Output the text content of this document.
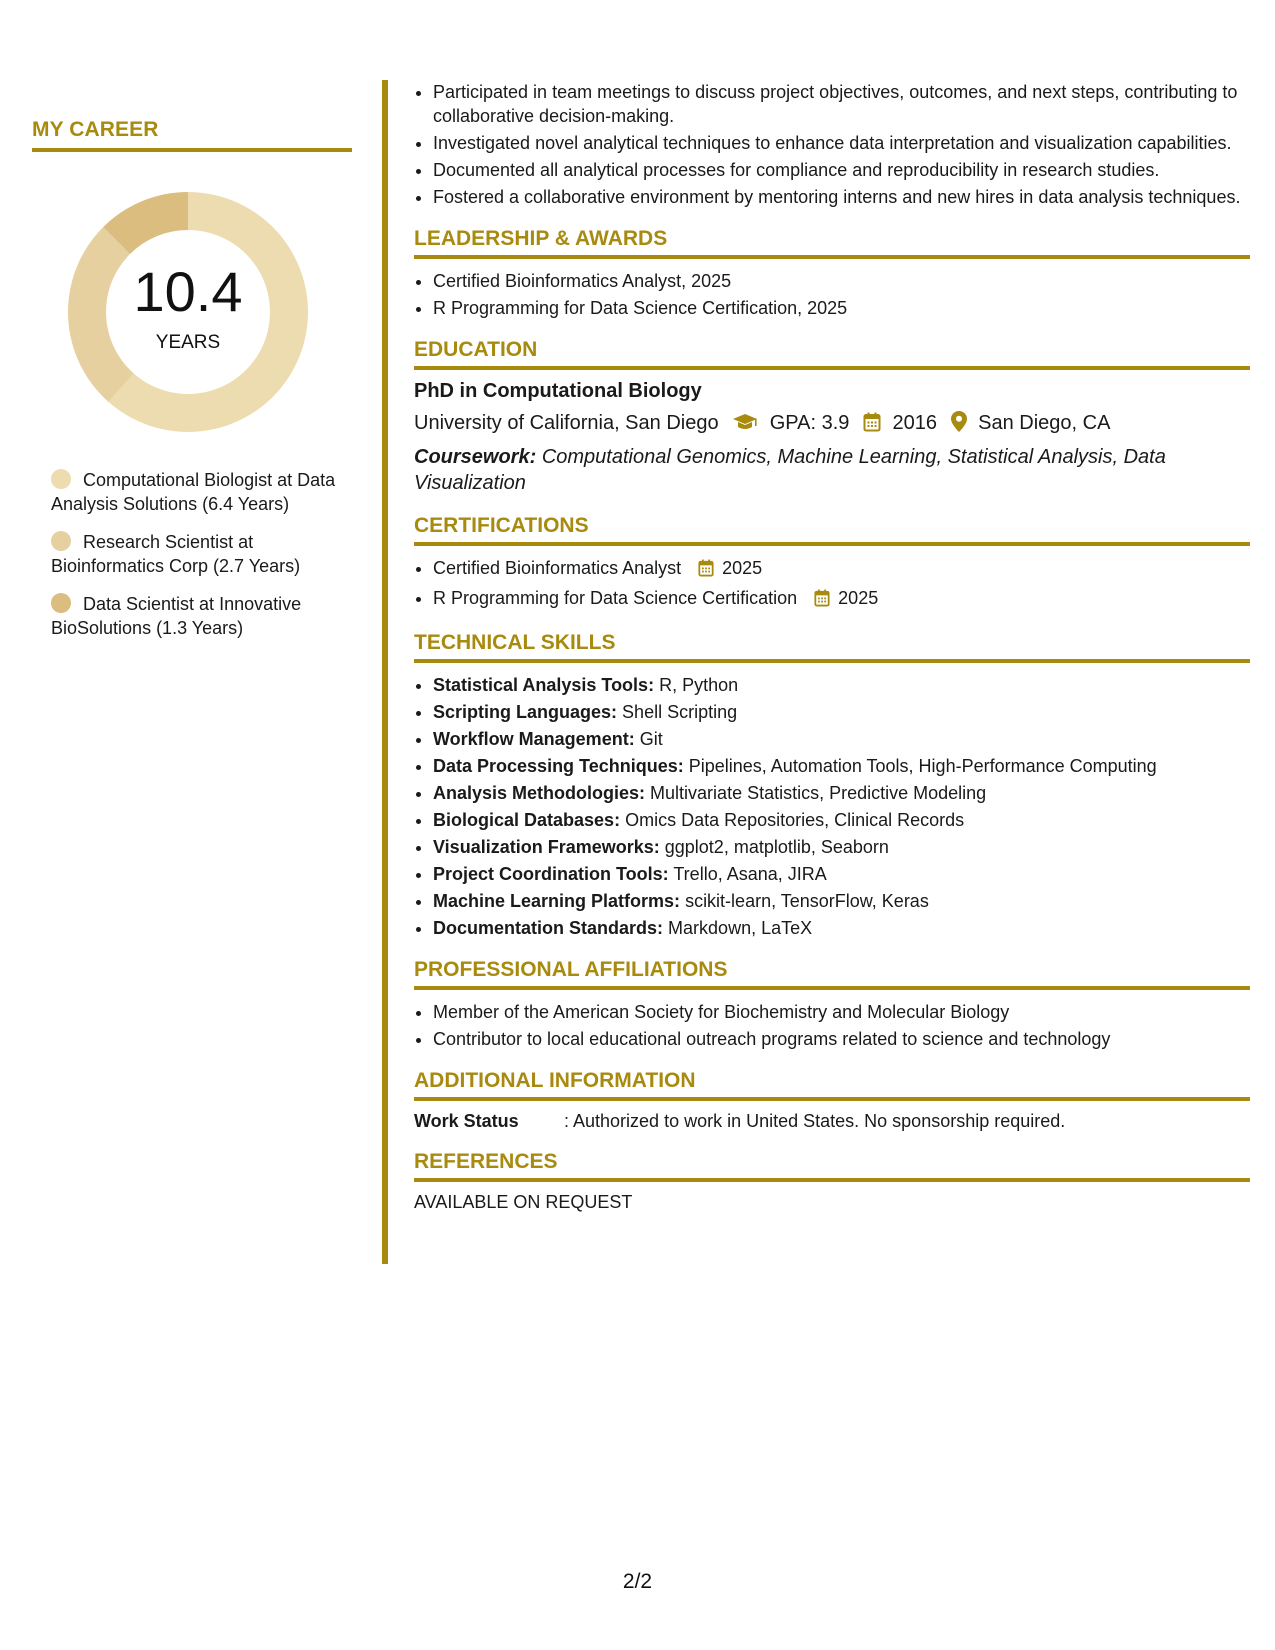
MY CAREER
10.4
YEARS
Computational Biologist at Data Analysis Solutions (6.4 Years)
Research Scientist at Bioinformatics Corp (2.7 Years)
Data Scientist at Innovative BioSolutions (1.3 Years)
• Participated in team meetings to discuss project objectives, outcomes, and next steps, contributing to collaborative decision-making.
• Investigated novel analytical techniques to enhance data interpretation and visualization capabilities.
• Documented all analytical processes for compliance and reproducibility in research studies.
• Fostered a collaborative environment by mentoring interns and new hires in data analysis techniques.
LEADERSHIP & AWARDS
• Certified Bioinformatics Analyst, 2025
• R Programming for Data Science Certification, 2025
EDUCATION
PhD in Computational Biology
University of California, San Diego	GPA: 3.9 2016 San Diego, CA
Coursework: Computational Genomics, Machine Learning, Statistical Analysis, Data Visualization
CERTIFICATIONS
• Certified Bioinformatics Analyst 2025
• R Programming for Data Science Certification 2025
TECHNICAL SKILLS
• Statistical Analysis Tools: R, Python
• Scripting Languages: Shell Scripting
• Workflow Management: Git
• Data Processing Techniques: Pipelines, Automation Tools, High-Performance Computing
• Analysis Methodologies: Multivariate Statistics, Predictive Modeling
• Biological Databases: Omics Data Repositories, Clinical Records
• Visualization Frameworks: ggplot2, matplotlib, Seaborn
• Project Coordination Tools: Trello, Asana, JIRA
• Machine Learning Platforms: scikit-learn, TensorFlow, Keras
• Documentation Standards: Markdown, LaTeX
PROFESSIONAL AFFILIATIONS
• Member of the American Society for Biochemistry and Molecular Biology
• Contributor to local educational outreach programs related to science and technology
ADDITIONAL INFORMATION
Work Status	: Authorized to work in United States. No sponsorship required.
REFERENCES
AVAILABLE ON REQUEST
2/2
